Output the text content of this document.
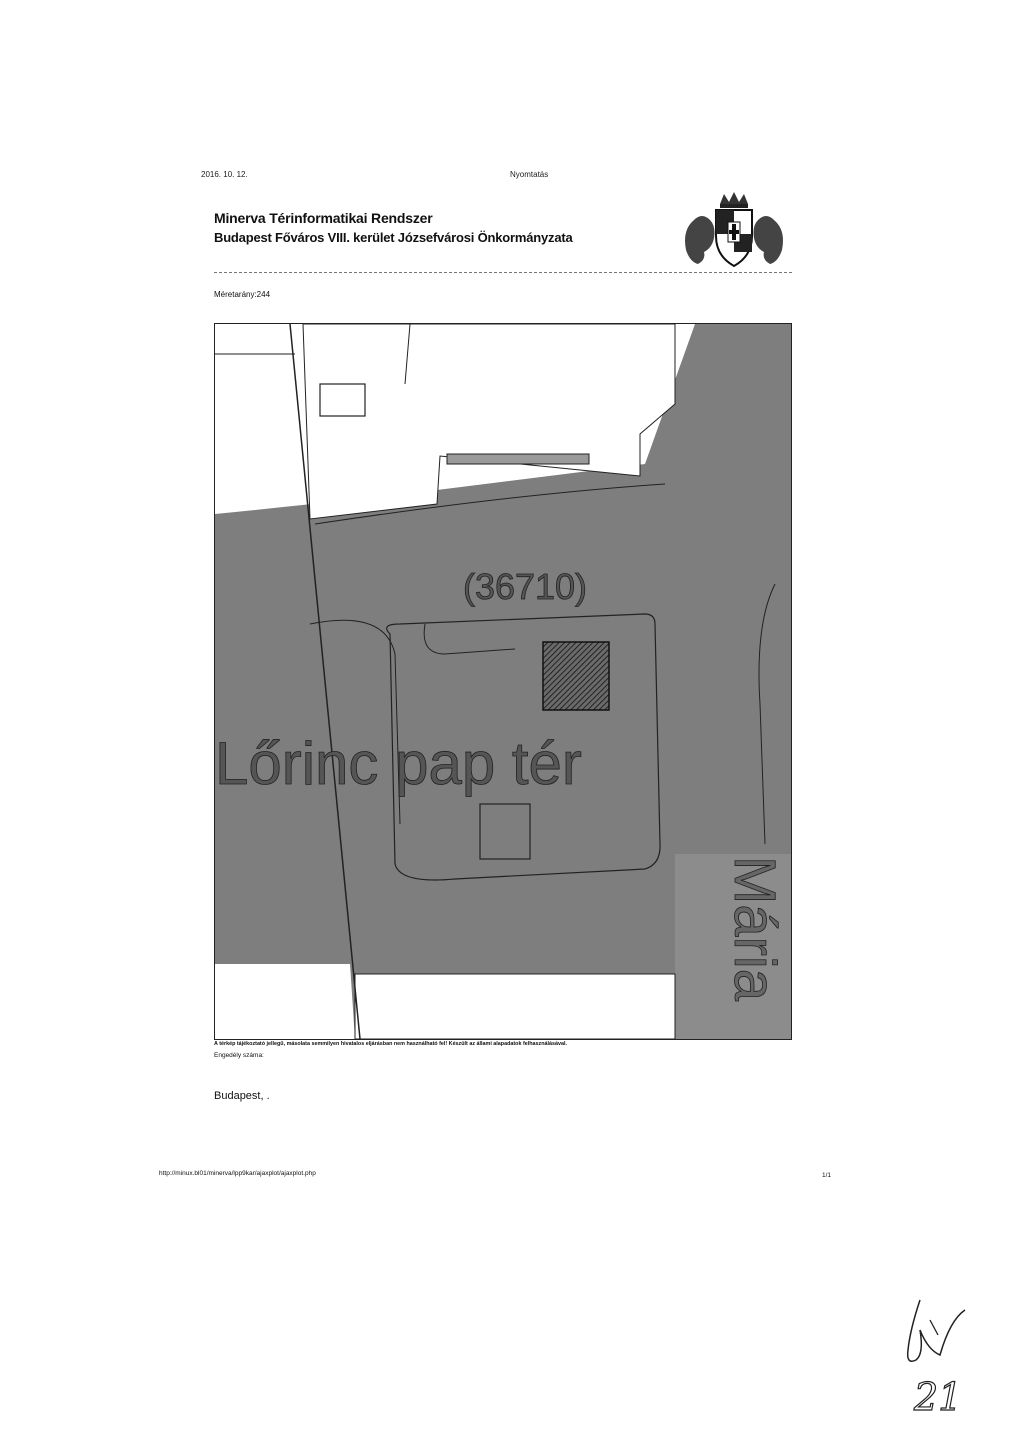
2016. 10. 12.	Nyomtatás
Minerva Térinformatikai Rendszer
Budapest Főváros VIII. kerület Józsefvárosi Önkormányzata
Méretarány:244
(36710)
Lőrinc pap tér
Mária
A térkép tájékoztató jellegű, másolata semmilyen hivatalos eljárásban nem használható fel! Készült az állami alapadatok felhasználásával.
Engedély száma:
Budapest, .
http://minux.bl01/minerva/lpp9kar/ajaxplot/ajaxplot.php	1/1
21
